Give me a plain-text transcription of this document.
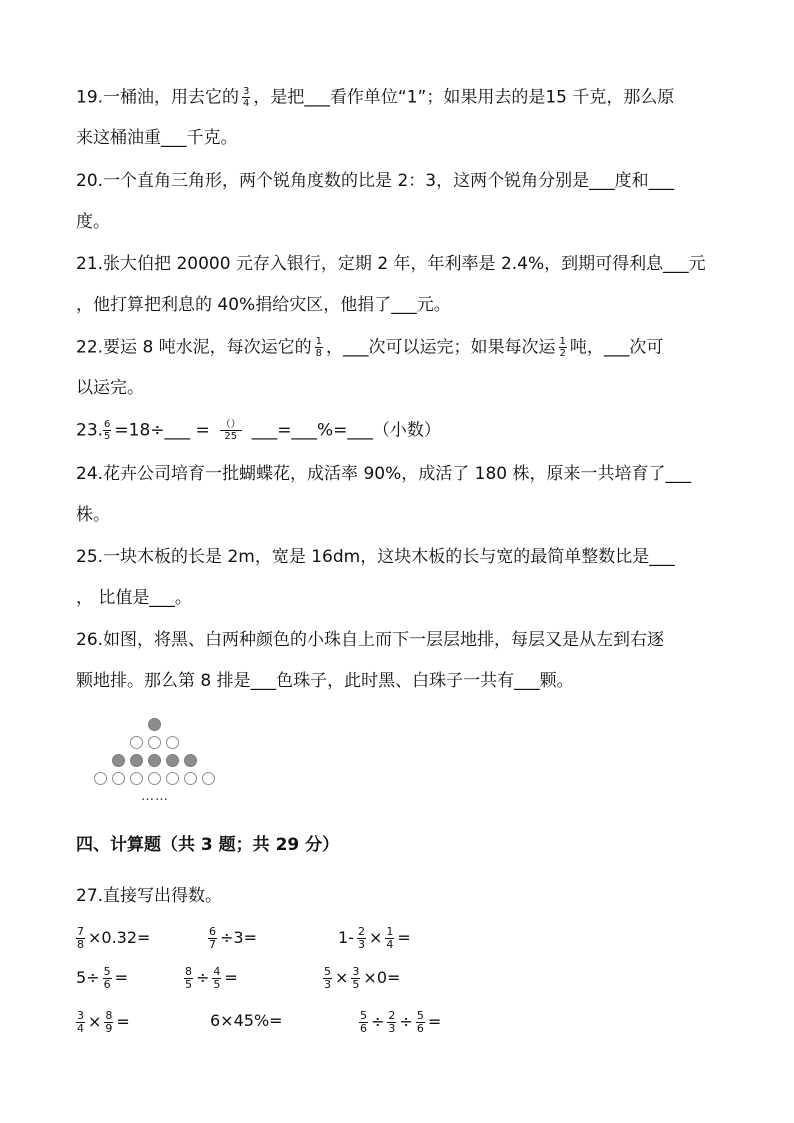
19.一桶油，用去它的 $\frac{3}{4}$ ，是把___看作单位“1”；如果用去的是15 千克，那么原
来这桶油重___千克。
20.一个直角三角形，两个锐角度数的比是 2：3，这两个锐角分别是___度和___
度。
21.张大伯把 20000 元存入银行，定期 2 年，年利率是 2.4%，到期可得利息___元
，他打算把利息的 40%捐给灾区，他捐了___元。
22.要运 8 吨水泥，每次运它的 $\frac{1}{8}$ ，___次可以运完；如果每次运 $\frac{1}{2}$ 吨，___次可
以运完。
23. $\frac{6}{5}$ =18÷___ = $\frac{()}{25}$ ___=___%=___（小数）
24.花卉公司培育一批蝴蝶花，成活率 90%，成活了 180 株，原来一共培育了___
株。
25.一块木板的长是 2m，宽是 16dm，这块木板的长与宽的最简单整数比是___
， 比值是___。
26.如图，将黑、白两种颜色的小珠自上而下一层层地排，每层又是从左到右逐
颗地排。那么第 8 排是___色珠子，此时黑、白珠子一共有___颗。
……
四、计算题（共 3 题；共 29 分）
27.直接写出得数。
$\frac{7}{8} \times 0.32=$	$\frac{6}{7} \div 3=$	$1- \frac{2}{3} \times \frac{1}{4}$ =
$5\div \frac{5}{6}$ =	$\frac{8}{5} \div \frac{4}{5}$ =	$\frac{5}{3} \times \frac{3}{5} \times 0=$
$\frac{3}{4} \times \frac{8}{9}$ =	6×45%=	$\frac{5}{6} \div \frac{2}{3} \div \frac{5}{6}$ =
